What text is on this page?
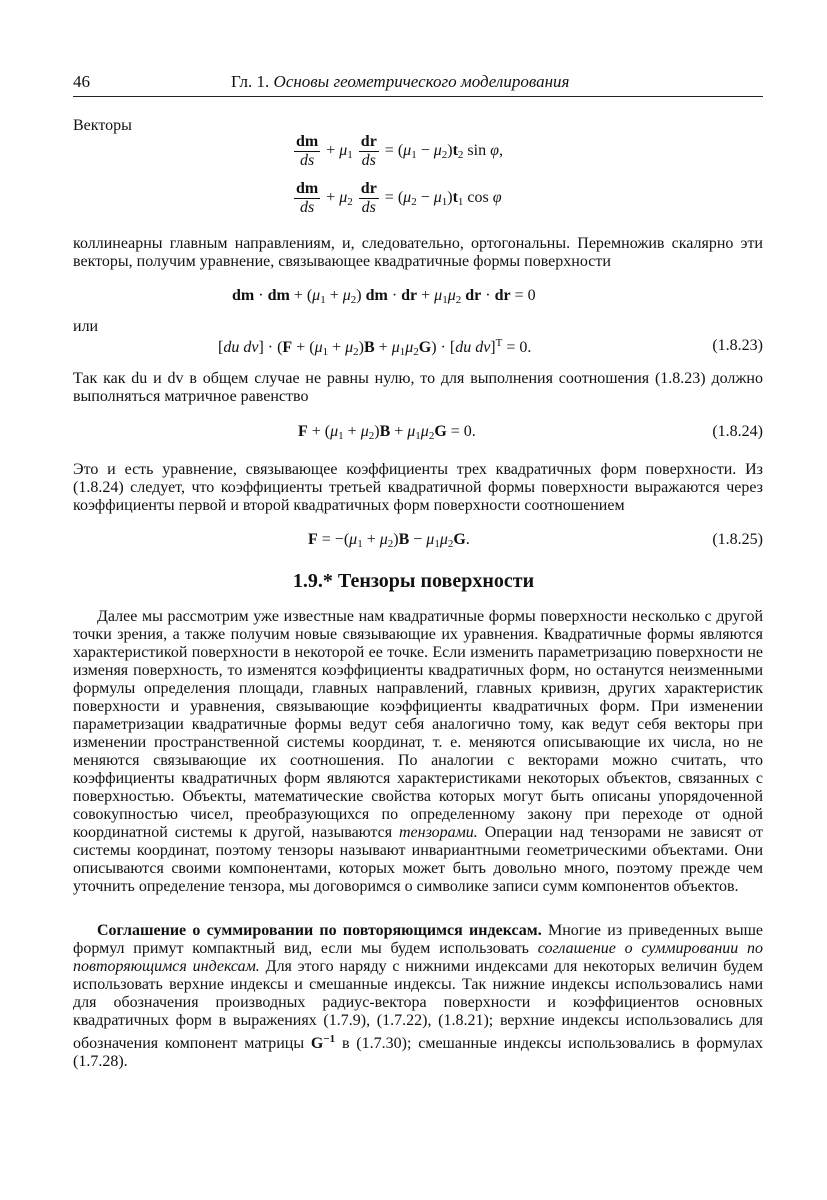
46	Гл. 1. Основы геометрического моделирования
Векторы
$\frac{dm}{ds} + \mu_1 \frac{dr}{ds} = (\mu_1 - \mu_2)t_2$ sin φ,
$\frac{dm}{ds} + \mu_2 \frac{dr}{ds} = (\mu_2 - \mu_1)t_1$ cos φ
коллинеарны главным направлениям, и, следовательно, ортогональны. Перемножив скалярно эти векторы, получим уравнение, связывающее квадратичные формы поверхности
dm · dm + $(\mu_1 + \mu_2)$ dm · dr + $\mu_1\mu_2$ dr · dr = 0
или
[du $dv] \cdot (F + (\mu_1 + \mu_2)B + \mu_1\mu_2G) \cdot [du$ dv]$^T$ = 0.	(1.8.23)
Так как du и dv в общем случае не равны нулю, то для выполнения соотношения (1.8.23) должно выполняться матричное равенство
$F + (\mu_1 + \mu_2)B + \mu_1\mu_2G = 0$.	(1.8.24)
Это и есть уравнение, связывающее коэффициенты трех квадратичных форм поверхности. Из (1.8.24) следует, что коэффициенты третьей квадратичной формы поверхности выражаются через коэффициенты первой и второй квадратичных форм поверхности соотношением
$F = -(\mu_1 + \mu_2)B - \mu_1\mu_2G$.	(1.8.25)
1.9.* Тензоры поверхности
Далее мы рассмотрим уже известные нам квадратичные формы поверхности несколько с другой точки зрения, а также получим новые связывающие их уравнения. Квадратичные формы являются характеристикой поверхности в некоторой ее точке. Если изменить параметризацию поверхности не изменяя поверхность, то изменятся коэффициенты квадратичных форм, но останутся неизменными формулы определения площади, главных направлений, главных кривизн, других характеристик поверхности и уравнения, связывающие коэффициенты квадратичных форм. При изменении параметризации квадратичные формы ведут себя аналогично тому, как ведут себя векторы при изменении пространственной системы координат, т. е. меняются описывающие их числа, но не меняются связывающие их соотношения. По аналогии с векторами можно считать, что коэффициенты квадратичных форм являются характеристиками некоторых объектов, связанных с поверхностью. Объекты, математические свойства которых могут быть описаны упорядоченной совокупностью чисел, преобразующихся по определенному закону при переходе от одной координатной системы к другой, называются тензорами. Операции над тензорами не зависят от системы координат, поэтому тензоры называют инвариантными геометрическими объектами. Они описываются своими компонентами, которых может быть довольно много, поэтому прежде чем уточнить определение тензора, мы договоримся о символике записи сумм компонентов объектов.
Соглашение о суммировании по повторяющимся индексам. Многие из приведенных выше формул примут компактный вид, если мы будем использовать соглашение о суммировании по повторяющимся индексам. Для этого наряду с нижними индексами для некоторых величин будем использовать верхние индексы и смешанные индексы. Так нижние индексы использовались нами для обозначения производных радиус-вектора поверхности и коэффициентов основных квадратичных форм в выражениях (1.7.9), (1.7.22), (1.8.21); верхние индексы использовались для обозначения компонент матрицы $G^{-1}$ в (1.7.30); смешанные индексы использовались в формулах (1.7.28).
